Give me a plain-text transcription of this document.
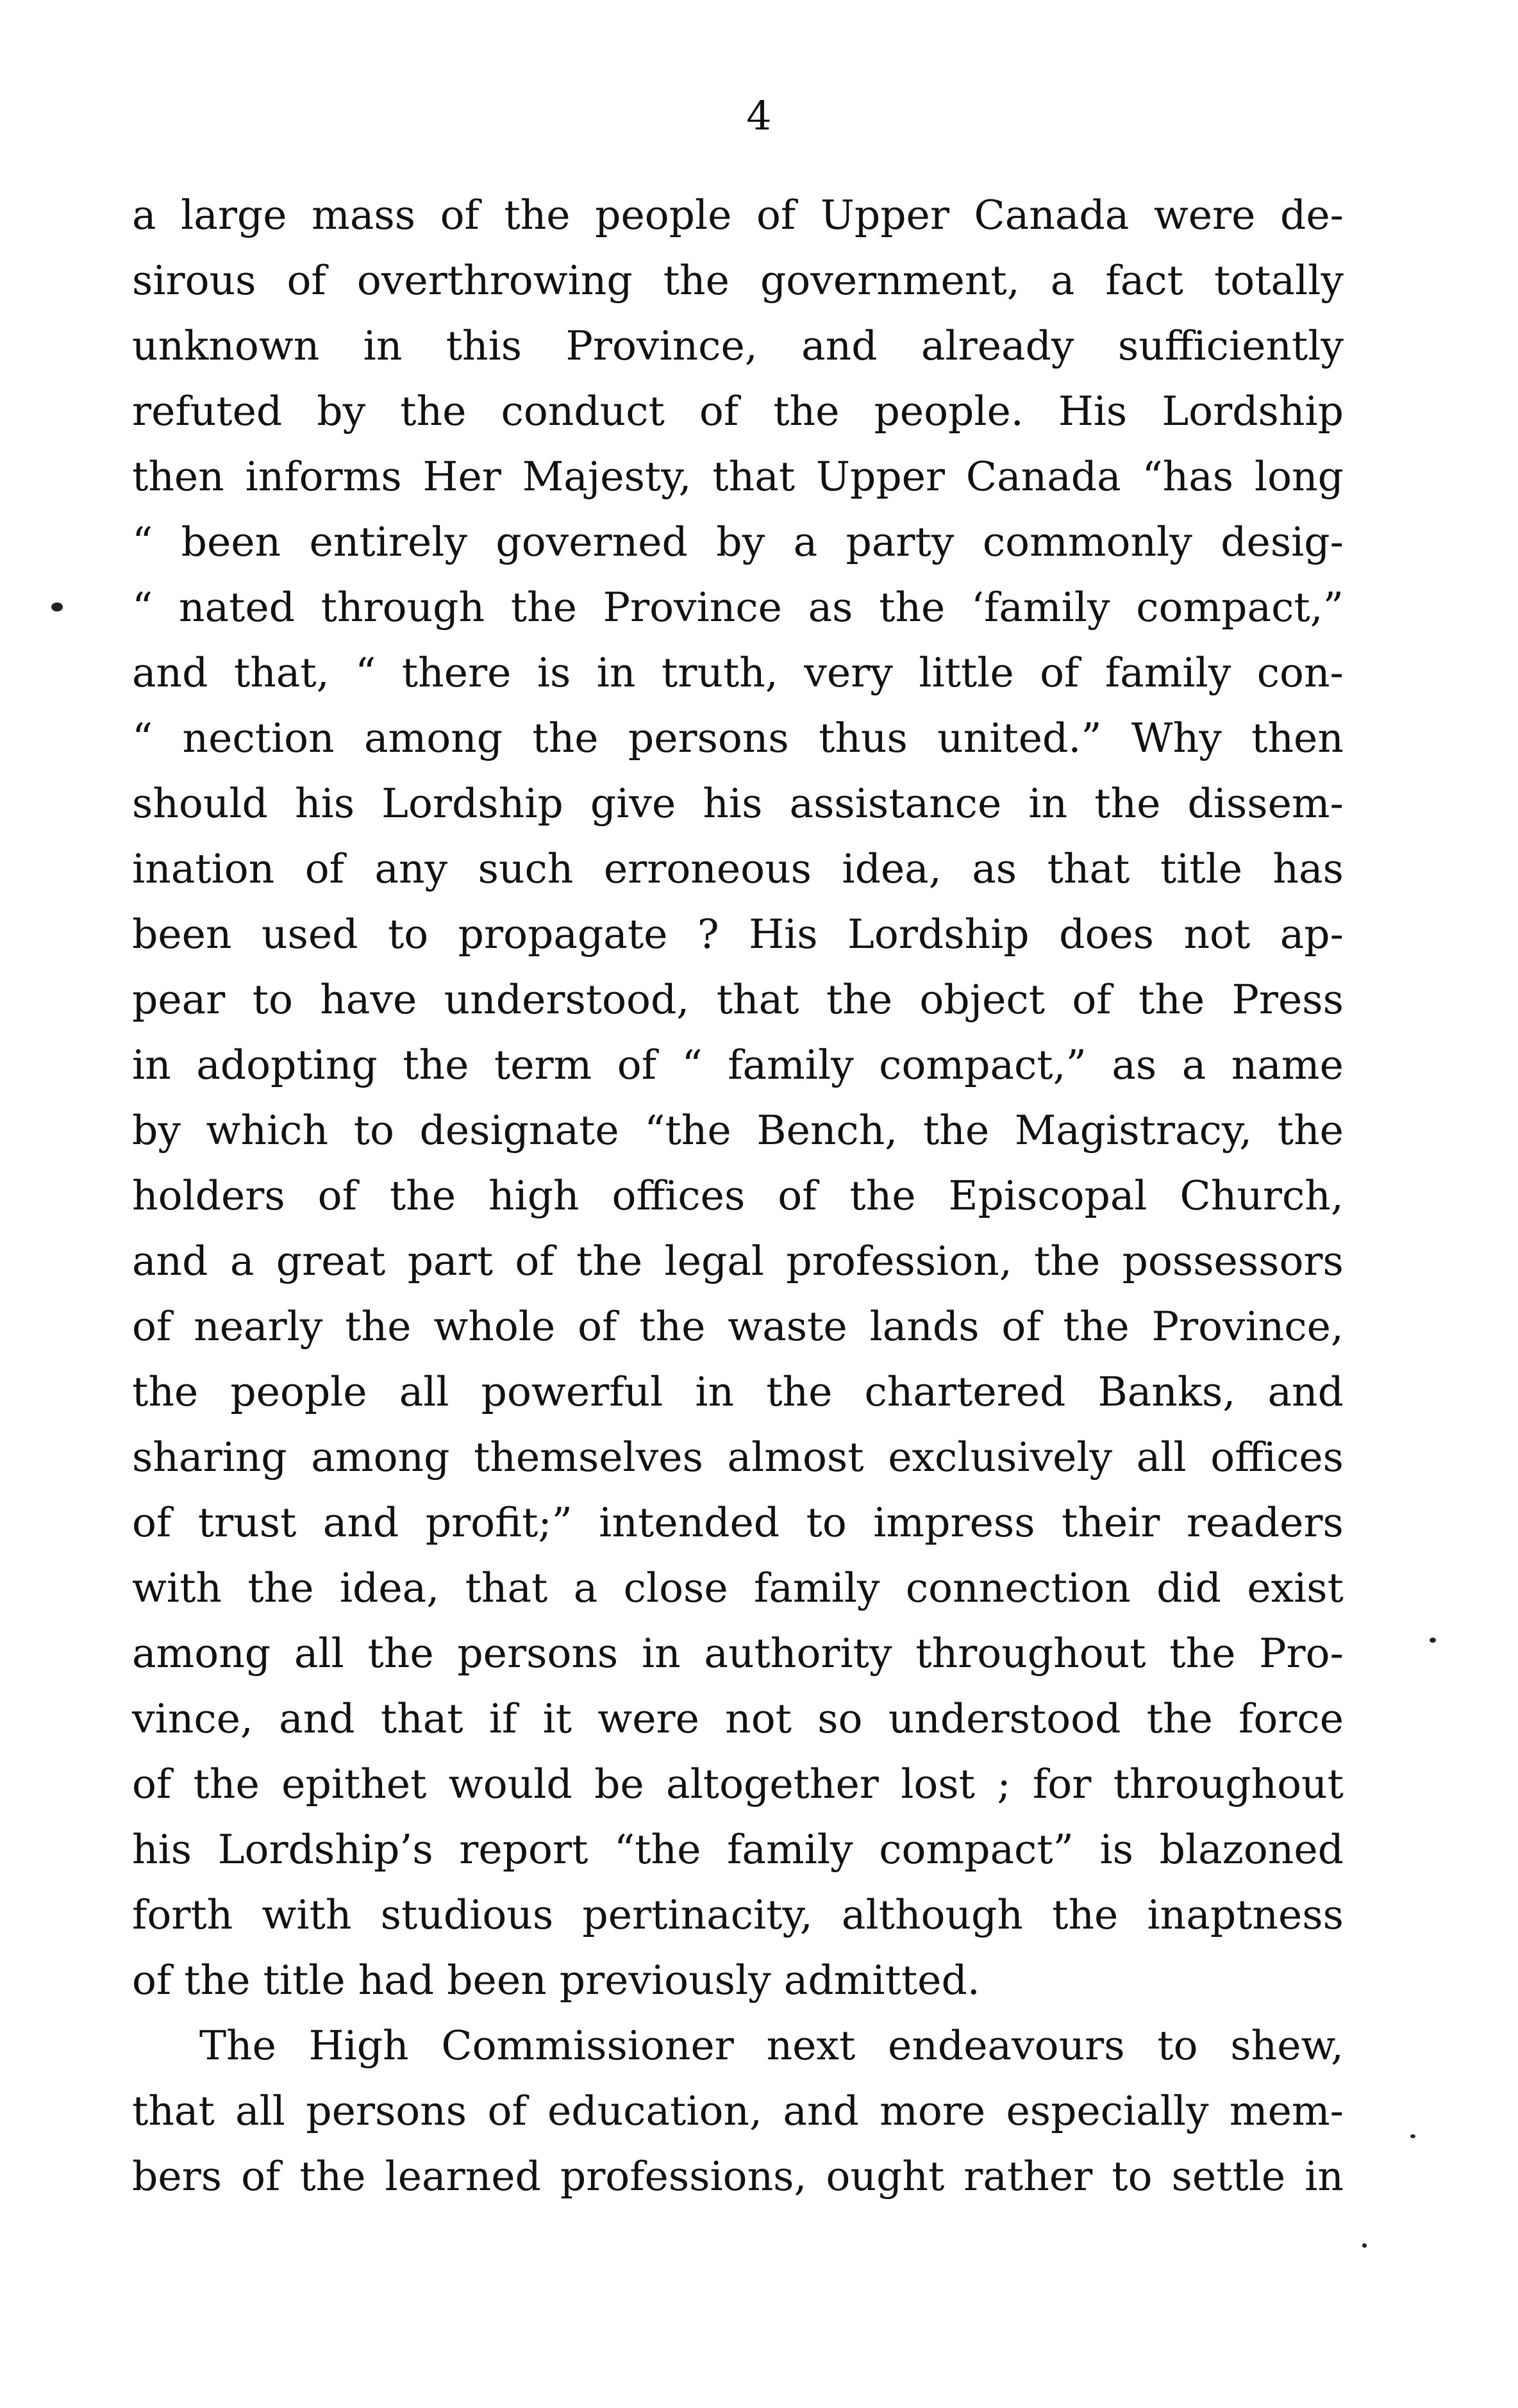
4
a large mass of the people of Upper Canada were de-
sirous of overthrowing the government, a fact totally
unknown in this Province, and already sufficiently
refuted by the conduct of the people. His Lordship
then informs Her Majesty, that Upper Canada “has long
“ been entirely governed by a party commonly desig-
“ nated through the Province as the ‘family compact,”
and that, “ there is in truth, very little of family con-
“ nection among the persons thus united.” Why then
should his Lordship give his assistance in the dissem-
ination of any such erroneous idea, as that title has
been used to propagate ? His Lordship does not ap-
pear to have understood, that the object of the Press
in adopting the term of “ family compact,” as a name
by which to designate “the Bench, the Magistracy, the
holders of the high offices of the Episcopal Church,
and a great part of the legal profession, the possessors
of nearly the whole of the waste lands of the Province,
the people all powerful in the chartered Banks, and
sharing among themselves almost exclusively all offices
of trust and profit;” intended to impress their readers
with the idea, that a close family connection did exist
among all the persons in authority throughout the Pro-
vince, and that if it were not so understood the force
of the epithet would be altogether lost ; for throughout
his Lordship’s report “the family compact” is blazoned
forth with studious pertinacity, although the inaptness
of the title had been previously admitted.
The High Commissioner next endeavours to shew,
that all persons of education, and more especially mem-
bers of the learned professions, ought rather to settle in
